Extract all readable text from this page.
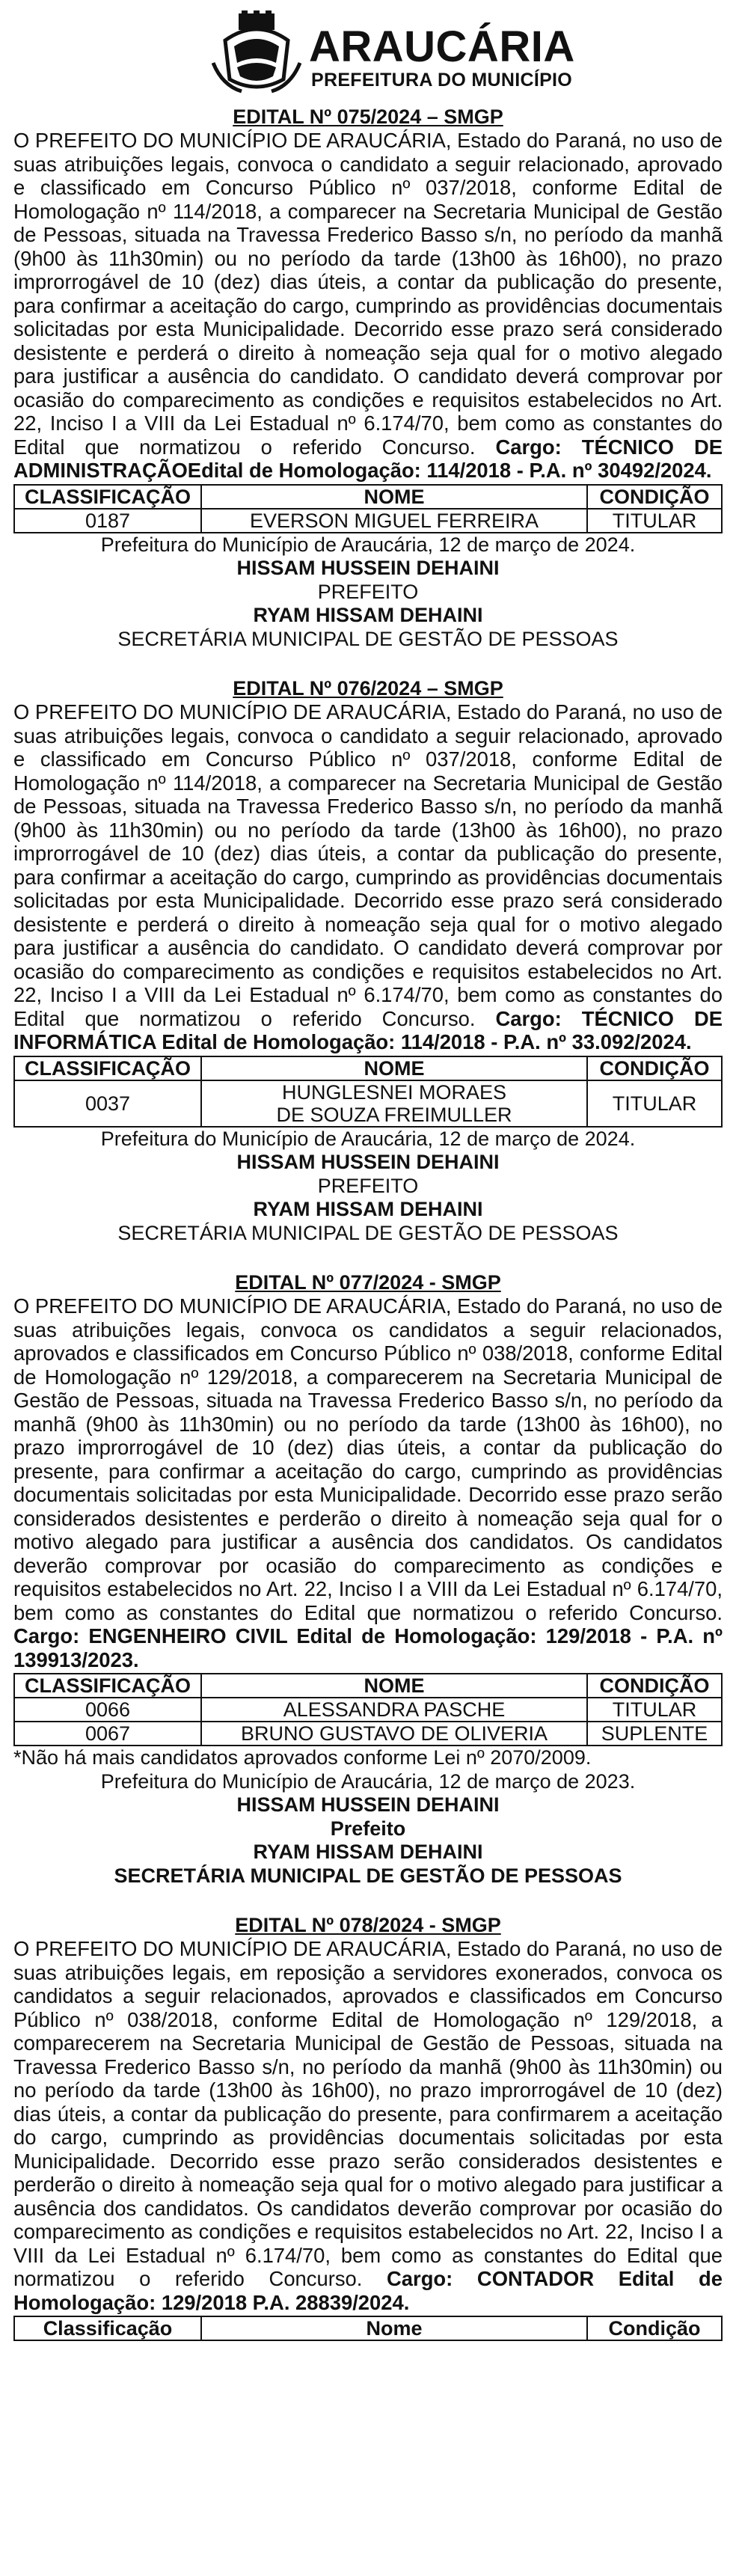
ARAUCÁRIA
PREFEITURA DO MUNICÍPIO

EDITAL Nº 075/2024 – SMGP

O PREFEITO DO MUNICÍPIO DE ARAUCÁRIA, Estado do Paraná, no uso de suas atribuições legais, convoca o candidato a seguir relacionado, aprovado e classificado em Concurso Público nº 037/2018, conforme Edital de Homologação nº 114/2018, a comparecer na Secretaria Municipal de Gestão de Pessoas, situada na Travessa Frederico Basso s/n, no período da manhã (9h00 às 11h30min) ou no período da tarde (13h00 às 16h00), no prazo improrrogável de 10 (dez) dias úteis, a contar da publicação do presente, para confirmar a aceitação do cargo, cumprindo as providências documentais solicitadas por esta Municipalidade. Decorrido esse prazo será considerado desistente e perderá o direito à nomeação seja qual for o motivo alegado para justificar a ausência do candidato. O candidato deverá comprovar por ocasião do comparecimento as condições e requisitos estabelecidos no Art. 22, Inciso I a VIII da Lei Estadual nº 6.174/70, bem como as constantes do Edital que normatizou o referido Concurso. Cargo: TÉCNICO DE ADMINISTRAÇÃOEdital de Homologação: 114/2018 - P.A. nº 30492/2024.

CLASSIFICAÇÃO	NOME	CONDIÇÃO
0187	EVERSON MIGUEL FERREIRA	TITULAR

Prefeitura do Município de Araucária, 12 de março de 2024.

HISSAM HUSSEIN DEHAINI

PREFEITO

RYAM HISSAM DEHAINI

SECRETÁRIA MUNICIPAL DE GESTÃO DE PESSOAS

EDITAL Nº 076/2024 – SMGP

O PREFEITO DO MUNICÍPIO DE ARAUCÁRIA, Estado do Paraná, no uso de suas atribuições legais, convoca o candidato a seguir relacionado, aprovado e classificado em Concurso Público nº 037/2018, conforme Edital de Homologação nº 114/2018, a comparecer na Secretaria Municipal de Gestão de Pessoas, situada na Travessa Frederico Basso s/n, no período da manhã (9h00 às 11h30min) ou no período da tarde (13h00 às 16h00), no prazo improrrogável de 10 (dez) dias úteis, a contar da publicação do presente, para confirmar a aceitação do cargo, cumprindo as providências documentais solicitadas por esta Municipalidade. Decorrido esse prazo será considerado desistente e perderá o direito à nomeação seja qual for o motivo alegado para justificar a ausência do candidato. O candidato deverá comprovar por ocasião do comparecimento as condições e requisitos estabelecidos no Art. 22, Inciso I a VIII da Lei Estadual nº 6.174/70, bem como as constantes do Edital que normatizou o referido Concurso. Cargo: TÉCNICO DE INFORMÁTICA Edital de Homologação: 114/2018 - P.A. nº 33.092/2024.

CLASSIFICAÇÃO	NOME	CONDIÇÃO
0037	HUNGLESNEI MORAES DE SOUZA FREIMULLER	TITULAR

Prefeitura do Município de Araucária, 12 de março de 2024.

HISSAM HUSSEIN DEHAINI

PREFEITO

RYAM HISSAM DEHAINI

SECRETÁRIA MUNICIPAL DE GESTÃO DE PESSOAS

EDITAL Nº 077/2024 - SMGP

O PREFEITO DO MUNICÍPIO DE ARAUCÁRIA, Estado do Paraná, no uso de suas atribuições legais, convoca os candidatos a seguir relacionados, aprovados e classificados em Concurso Público nº 038/2018, conforme Edital de Homologação nº 129/2018, a comparecerem na Secretaria Municipal de Gestão de Pessoas, situada na Travessa Frederico Basso s/n, no período da manhã (9h00 às 11h30min) ou no período da tarde (13h00 às 16h00), no prazo improrrogável de 10 (dez) dias úteis, a contar da publicação do presente, para confirmar a aceitação do cargo, cumprindo as providências documentais solicitadas por esta Municipalidade. Decorrido esse prazo serão considerados desistentes e perderão o direito à nomeação seja qual for o motivo alegado para justificar a ausência dos candidatos. Os candidatos deverão comprovar por ocasião do comparecimento as condições e requisitos estabelecidos no Art. 22, Inciso I a VIII da Lei Estadual nº 6.174/70, bem como as constantes do Edital que normatizou o referido Concurso. Cargo: ENGENHEIRO CIVIL Edital de Homologação: 129/2018 - P.A. nº 139913/2023.

CLASSIFICAÇÃO	NOME	CONDIÇÃO
0066	ALESSANDRA PASCHE	TITULAR
0067	BRUNO GUSTAVO DE OLIVERIA	SUPLENTE

*Não há mais candidatos aprovados conforme Lei nº 2070/2009.

Prefeitura do Município de Araucária, 12 de março de 2023.

HISSAM HUSSEIN DEHAINI

Prefeito

RYAM HISSAM DEHAINI

SECRETÁRIA MUNICIPAL DE GESTÃO DE PESSOAS

EDITAL Nº 078/2024 - SMGP

O PREFEITO DO MUNICÍPIO DE ARAUCÁRIA, Estado do Paraná, no uso de suas atribuições legais, em reposição a servidores exonerados, convoca os candidatos a seguir relacionados, aprovados e classificados em Concurso Público nº 038/2018, conforme Edital de Homologação nº 129/2018, a comparecerem na Secretaria Municipal de Gestão de Pessoas, situada na Travessa Frederico Basso s/n, no período da manhã (9h00 às 11h30min) ou no período da tarde (13h00 às 16h00), no prazo improrrogável de 10 (dez) dias úteis, a contar da publicação do presente, para confirmarem a aceitação do cargo, cumprindo as providências documentais solicitadas por esta Municipalidade. Decorrido esse prazo serão considerados desistentes e perderão o direito à nomeação seja qual for o motivo alegado para justificar a ausência dos candidatos. Os candidatos deverão comprovar por ocasião do comparecimento as condições e requisitos estabelecidos no Art. 22, Inciso I a VIII da Lei Estadual nº 6.174/70, bem como as constantes do Edital que normatizou o referido Concurso. Cargo: CONTADOR Edital de Homologação: 129/2018 P.A. 28839/2024.

Classificação	Nome	Condição
